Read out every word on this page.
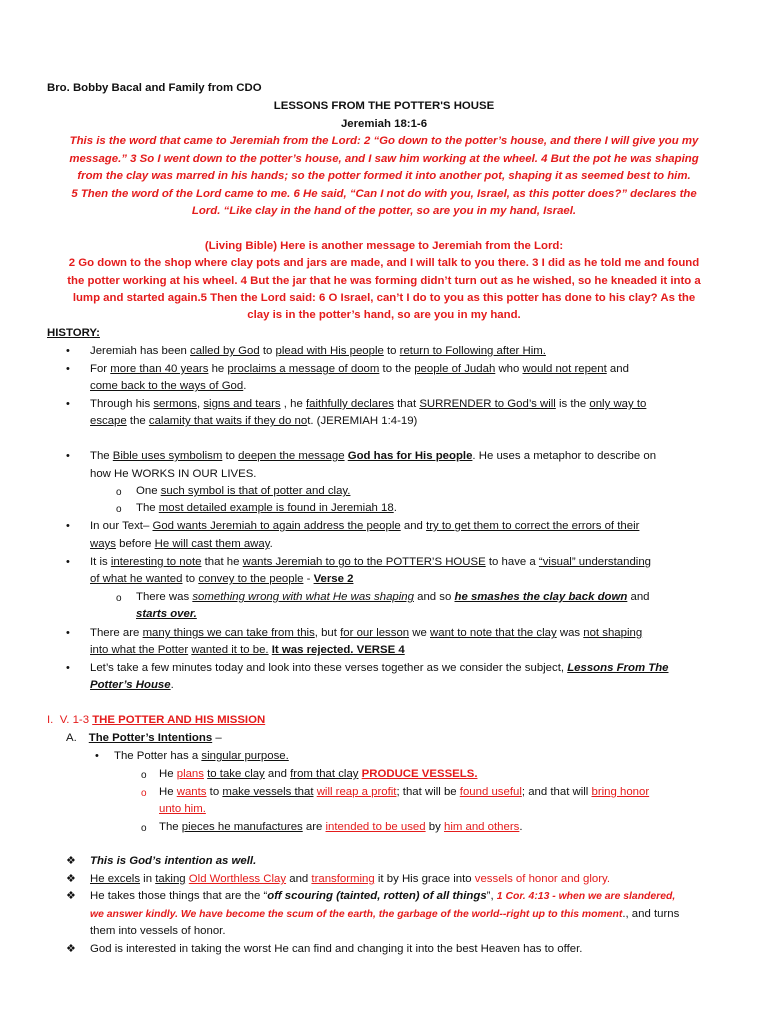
Bro. Bobby Bacal and Family from CDO
LESSONS FROM THE POTTER'S HOUSE
Jeremiah 18:1-6
This is the word that came to Jeremiah from the Lord: 2 “Go down to the potter’s house, and there I will give you my
message.” 3 So I went down to the potter’s house, and I saw him working at the wheel. 4 But the pot he was shaping
from the clay was marred in his hands; so the potter formed it into another pot, shaping it as seemed best to him.
5 Then the word of the Lord came to me. 6 He said, “Can I not do with you, Israel, as this potter does?” declares the
Lord. “Like clay in the hand of the potter, so are you in my hand, Israel.
(Living Bible) Here is another message to Jeremiah from the Lord:
2 Go down to the shop where clay pots and jars are made, and I will talk to you there. 3 I did as he told me and found
the potter working at his wheel. 4 But the jar that he was forming didn’t turn out as he wished, so he kneaded it into a
lump and started again.5 Then the Lord said: 6 O Israel, can’t I do to you as this potter has done to his clay? As the
clay is in the potter’s hand, so are you in my hand.
HISTORY:
• Jeremiah has been called by God to plead with His people to return to Following after Him.
• For more than 40 years he proclaims a message of doom to the people of Judah who would not repent and
come back to the ways of God.
• Through his sermons, signs and tears , he faithfully declares that SURRENDER to God’s will is the only way to
escape the calamity that waits if they do not. (JEREMIAH 1:4-19)
• The Bible uses symbolism to deepen the message God has for His people. He uses a metaphor to describe on
how He WORKS IN OUR LIVES.
o One such symbol is that of potter and clay.
o The most detailed example is found in Jeremiah 18.
• In our Text– God wants Jeremiah to again address the people and try to get them to correct the errors of their
ways before He will cast them away.
• It is interesting to note that he wants Jeremiah to go to the POTTER’S HOUSE to have a “visual” understanding
of what he wanted to convey to the people - Verse 2
o There was something wrong with what He was shaping and so he smashes the clay back down and
starts over.
• There are many things we can take from this, but for our lesson we want to note that the clay was not shaping
into what the Potter wanted it to be. It was rejected. VERSE 4
• Let’s take a few minutes today and look into these verses together as we consider the subject, Lessons From The
Potter’s House.
I. V. 1-3 THE POTTER AND HIS MISSION
A. The Potter’s Intentions –
• The Potter has a singular purpose.
o He plans to take clay and from that clay PRODUCE VESSELS.
o He wants to make vessels that will reap a profit; that will be found useful; and that will bring honor
unto him.
o The pieces he manufactures are intended to be used by him and others.
❖ This is God’s intention as well.
❖ He excels in taking Old Worthless Clay and transforming it by His grace into vessels of honor and glory.
❖ He takes those things that are the “off scouring (tainted, rotten) of all things”, 1 Cor. 4:13 - when we are slandered,
we answer kindly. We have become the scum of the earth, the garbage of the world--right up to this moment., and turns
them into vessels of honor.
❖ God is interested in taking the worst He can find and changing it into the best Heaven has to offer.
